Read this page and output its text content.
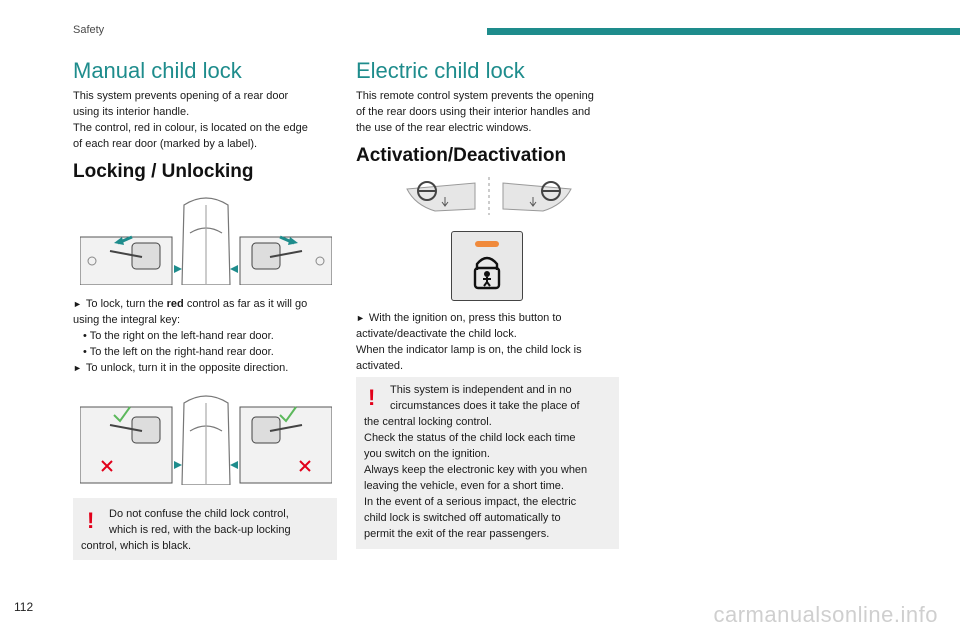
Safety
112	carmanualsonline.info
Manual child lock

This system prevents opening of a rear door

using its interior handle.

The control, red in colour, is located on the edge

of each rear door (marked by a label).

Locking / Unlocking

► To lock, turn the red control as far as it will go

using the integral key:

• To the right on the left-hand rear door.

• To the left on the right-hand rear door.

► To unlock, turn it in the opposite direction.

! Do not confuse the child lock control,

which is red, with the back-up locking

control, which is black.

Electric child lock

This remote control system prevents the opening

of the rear doors using their interior handles and

the use of the rear electric windows.

Activation/Deactivation

► With the ignition on, press this button to

activate/deactivate the child lock.

When the indicator lamp is on, the child lock is

activated.

! This system is independent and in no

circumstances does it take the place of

the central locking control.

Check the status of the child lock each time

you switch on the ignition.

Always keep the electronic key with you when

leaving the vehicle, even for a short time.

In the event of a serious impact, the electric

child lock is switched off automatically to

permit the exit of the rear passengers.
